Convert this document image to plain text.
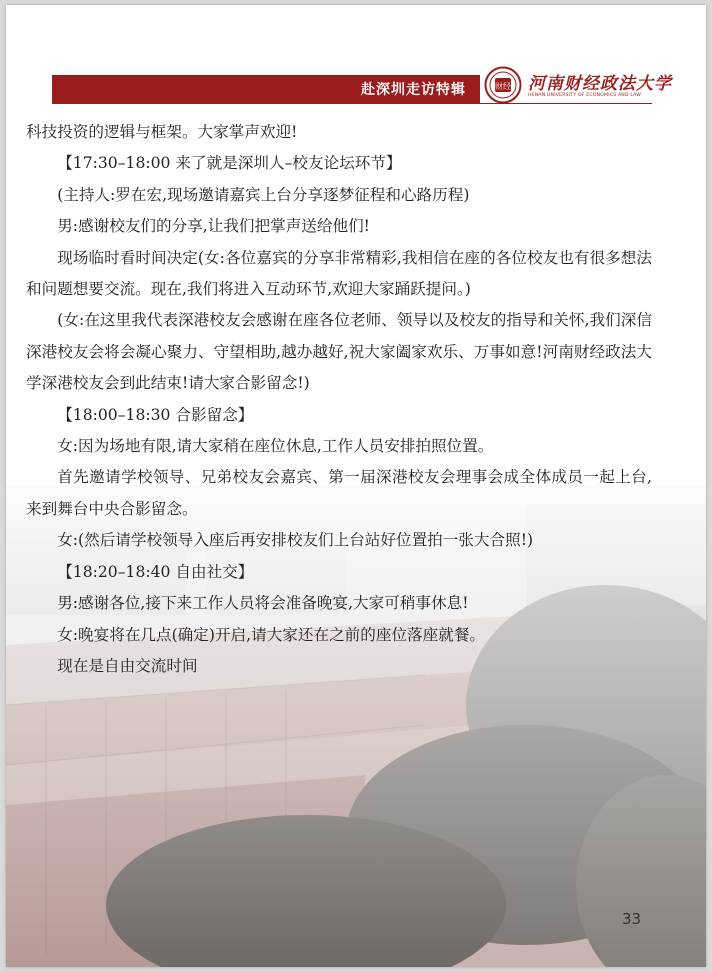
赴深圳走访特辑	财经 河南财经政法大学
HENAN UNIVERSITY OF ECONOMICS AND LAW

科技投资的逻辑与框架。大家掌声欢迎!

【17:30–18:00 来了就是深圳人–校友论坛环节】

(主持人:罗在宏,现场邀请嘉宾上台分享逐梦征程和心路历程)

男:感谢校友们的分享,让我们把掌声送给他们!

现场临时看时间决定(女:各位嘉宾的分享非常精彩,我相信在座的各位校友也有很多想法和问题想要交流。现在,我们将进入互动环节,欢迎大家踊跃提问。)

(女:在这里我代表深港校友会感谢在座各位老师、领导以及校友的指导和关怀,我们深信深港校友会将会凝心聚力、守望相助,越办越好,祝大家阖家欢乐、万事如意!河南财经政法大学深港校友会到此结束!请大家合影留念!)

【18:00–18:30 合影留念】

女:因为场地有限,请大家稍在座位休息,工作人员安排拍照位置。

首先邀请学校领导、兄弟校友会嘉宾、第一届深港校友会理事会成全体成员一起上台,来到舞台中央合影留念。

女:(然后请学校领导入座后再安排校友们上台站好位置拍一张大合照!)

【18:20–18:40 自由社交】

男:感谢各位,接下来工作人员将会准备晚宴,大家可稍事休息!

女:晚宴将在几点(确定)开启,请大家还在之前的座位落座就餐。

现在是自由交流时间

33
